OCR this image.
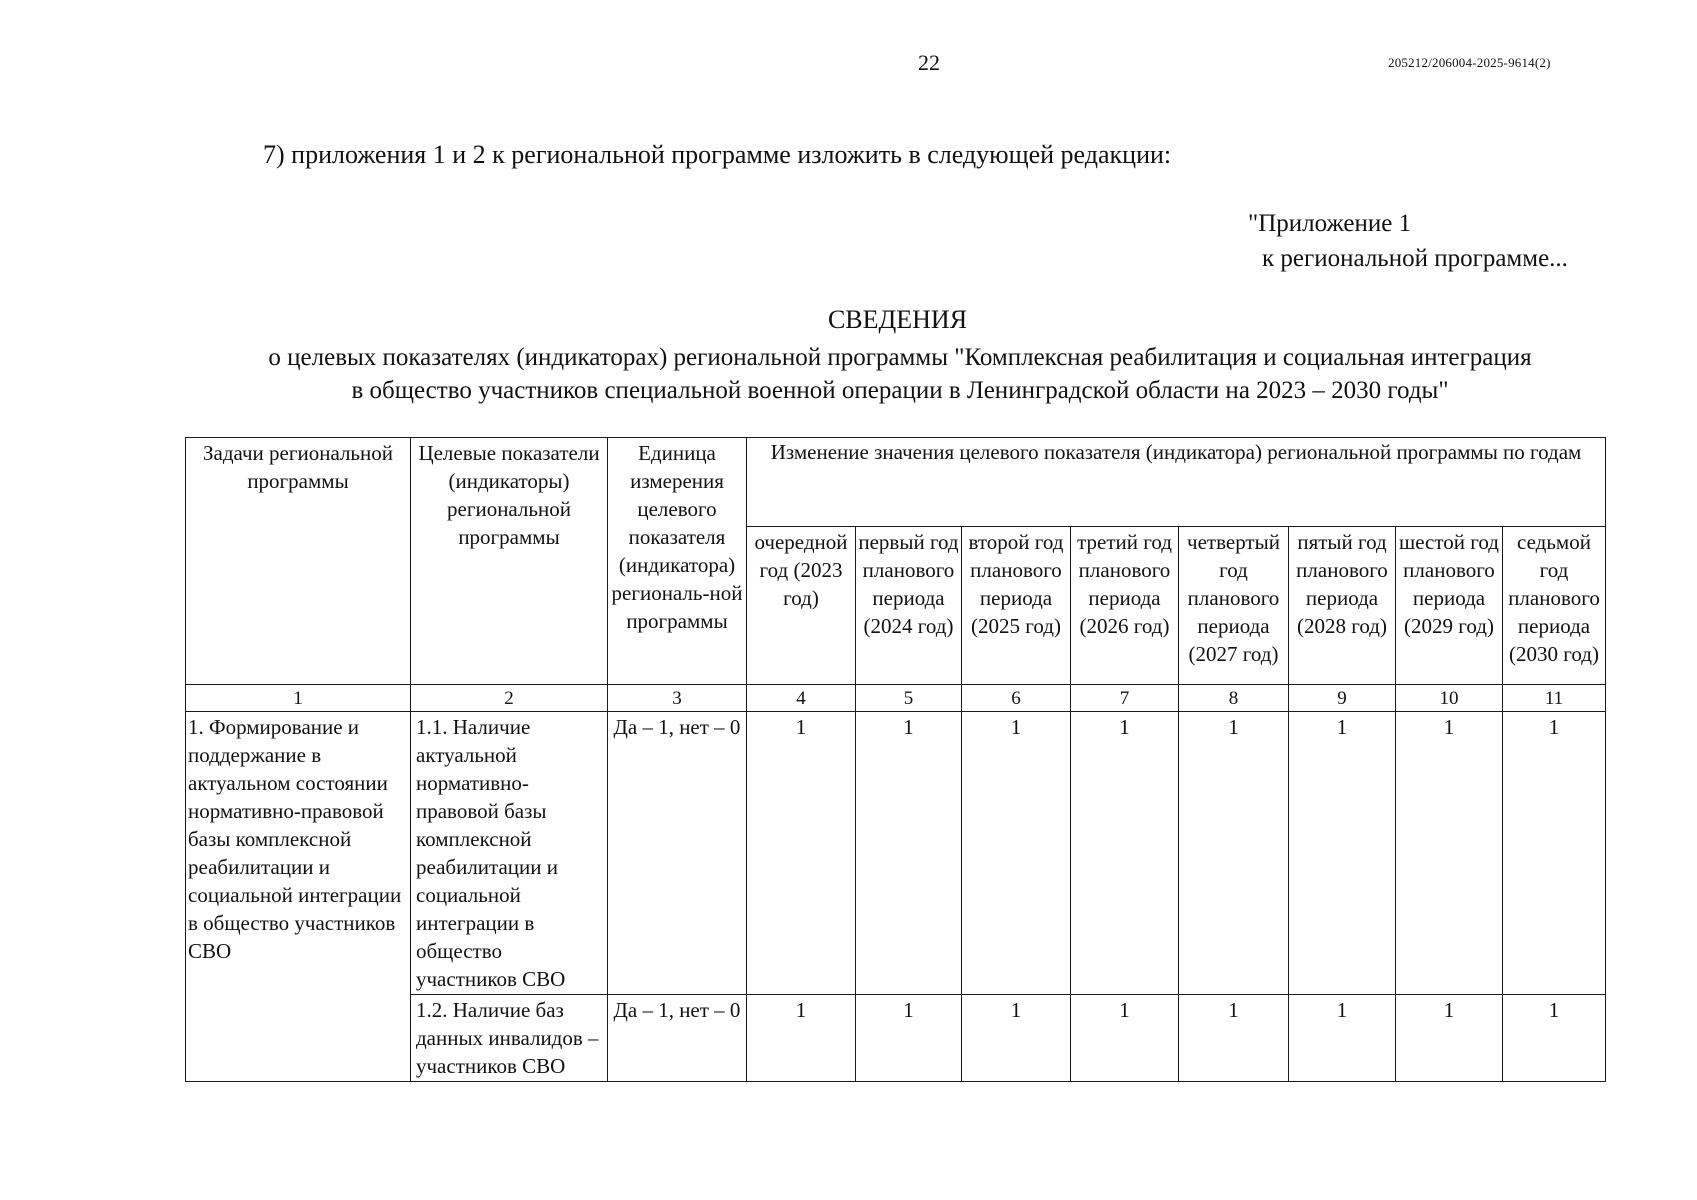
22	205212/206004-2025-9614(2)
7) приложения 1 и 2 к региональной программе изложить в следующей редакции:
"Приложение 1
к региональной программе...
СВЕДЕНИЯ
о целевых показателях (индикаторах) региональной программы "Комплексная реабилитация и социальная интеграция
в общество участников специальной военной операции в Ленинградской области на 2023 – 2030 годы"
Задачи региональной программы	Целевые показатели (индикаторы) региональной программы	Единица измерения целевого показателя (индикатора) региональ-ной программы	Изменение значения целевого показателя (индикатора) региональной программы по годам							
			очередной год (2023 год)	первый год планового периода (2024 год)	второй год планового периода (2025 год)	третий год планового периода (2026 год)	четвертый год планового периода (2027 год)	пятый год планового периода (2028 год)	шестой год планового периода (2029 год)	седьмой год планового периода (2030 год)
1	2	3	4	5	6	7	8	9	10	11
1. Формирование и поддержание в актуальном состоянии нормативно-правовой базы комплексной реабилитации и социальной интеграции в общество участников СВО	1.1. Наличие актуальной нормативно-правовой базы комплексной реабилитации и социальной интеграции в общество участников СВО	Да – 1, нет – 0	1	1	1	1	1	1	1	1
	1.2. Наличие баз данных инвалидов – участников СВО	Да – 1, нет – 0	1	1	1	1	1	1	1	1
